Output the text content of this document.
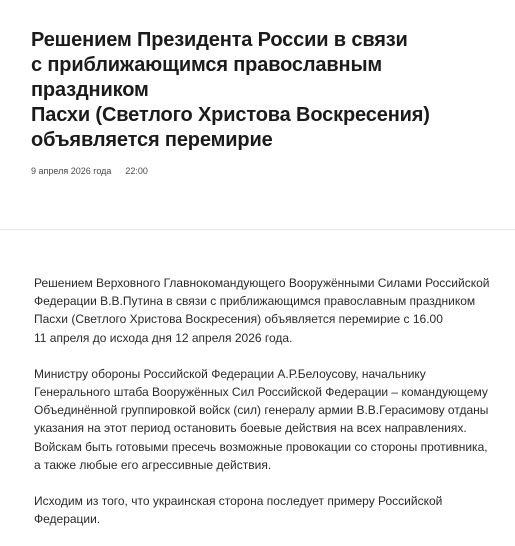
Решением Президента России в связи
с приближающимся православным праздником
Пасхи (Светлого Христова Воскресения)
объявляется перемирие
9 апреля 2026 года 22:00

Решением Верховного Главнокомандующего Вооружёнными Силами Российской
Федерации В.В.Путина в связи с приближающимся православным праздником
Пасхи (Светлого Христова Воскресения) объявляется перемирие с 16.00
11 апреля до исхода дня 12 апреля 2026 года.

Министру обороны Российской Федерации А.Р.Белоусову, начальнику
Генерального штаба Вооружённых Сил Российской Федерации – командующему
Объединённой группировкой войск (сил) генералу армии В.В.Герасимову отданы
указания на этот период остановить боевые действия на всех направлениях.
Войскам быть готовыми пресечь возможные провокации со стороны противника,
а также любые его агрессивные действия.

Исходим из того, что украинская сторона последует примеру Российской
Федерации.
